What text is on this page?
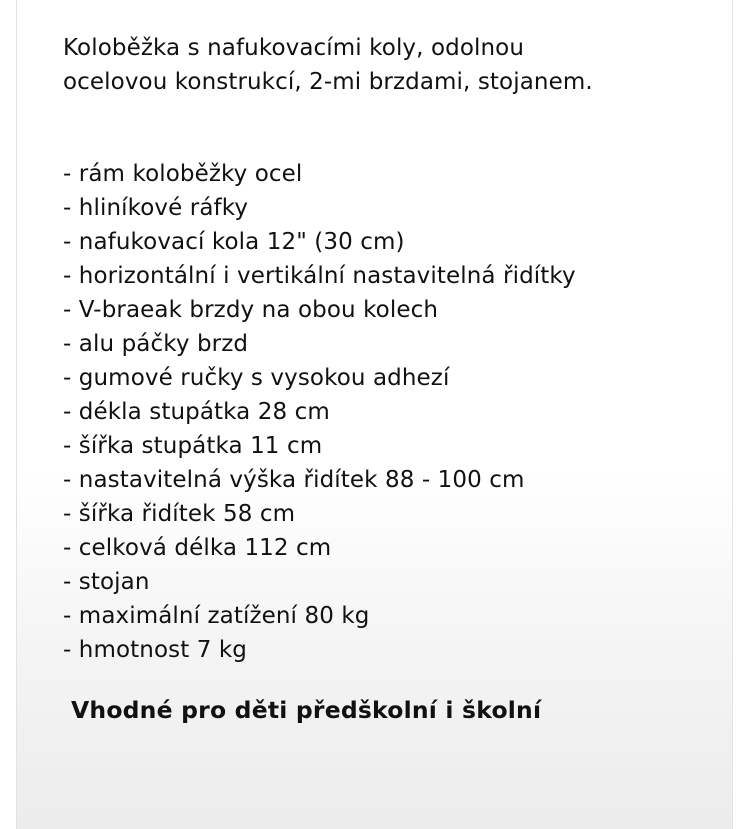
Koloběžka s nafukovacími koly, odolnou
ocelovou konstrukcí, 2-mi brzdami, stojanem.

- rám koloběžky ocel
- hliníkové ráfky
- nafukovací kola 12" (30 cm)
- horizontální i vertikální nastavitelná řidítky
- V-braeak brzdy na obou kolech
- alu páčky brzd
- gumové ručky s vysokou adhezí
- dékla stupátka 28 cm
- šířka stupátka 11 cm
- nastavitelná výška řidítek 88 - 100 cm
- šířka řidítek 58 cm
- celková délka 112 cm
- stojan
- maximální zatížení 80 kg
- hmotnost 7 kg

Vhodné pro děti předškolní i školní
